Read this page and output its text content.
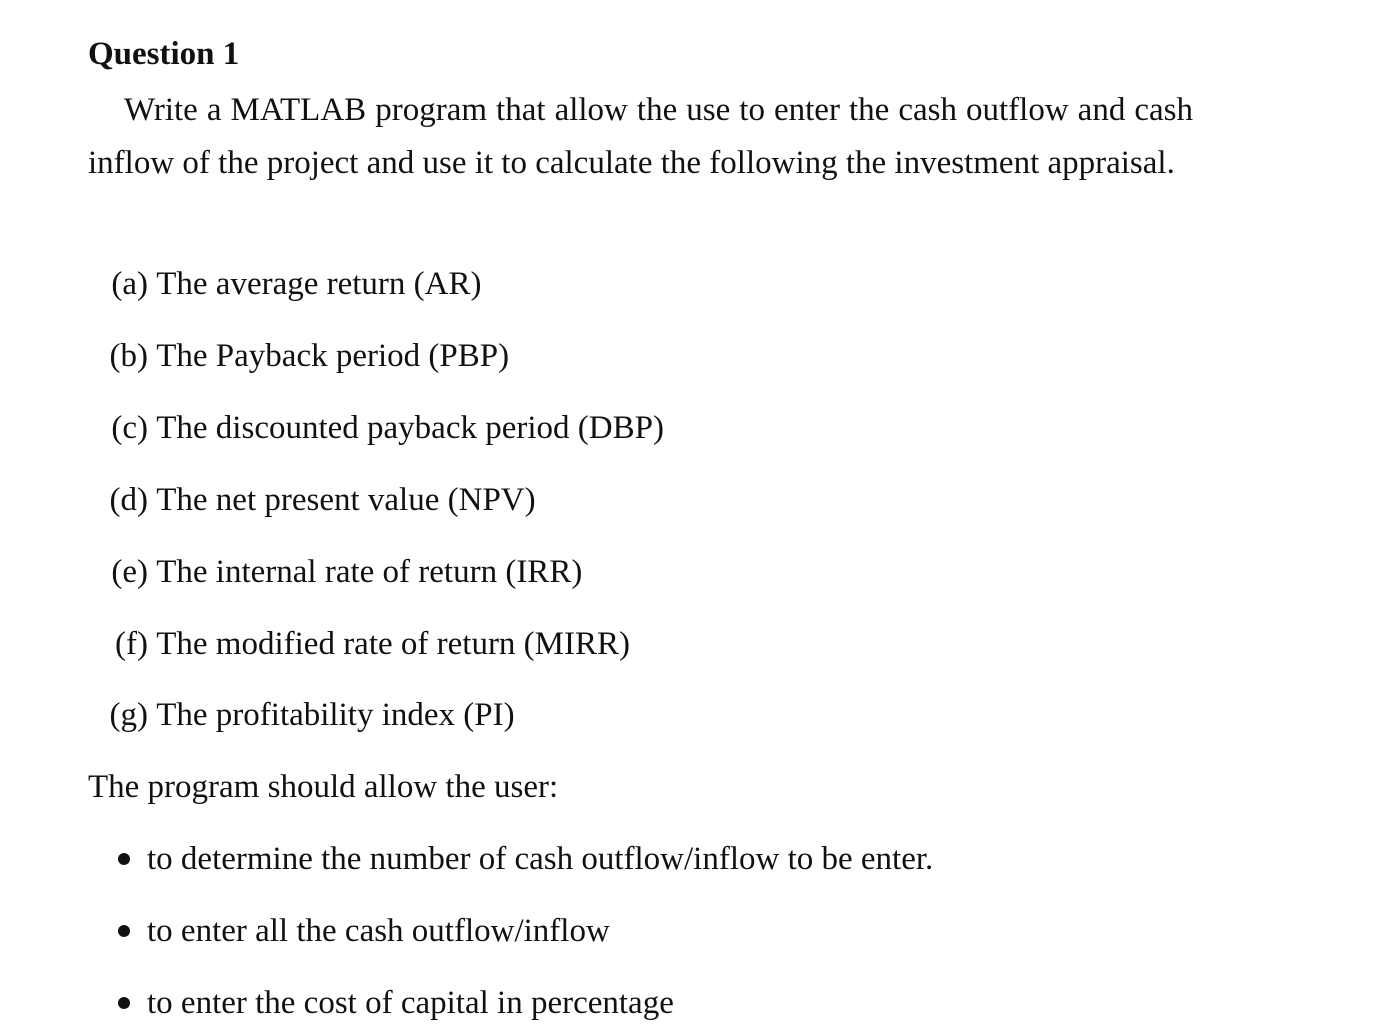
Question 1

Write a MATLAB program that allow the use to enter the cash outflow and cash inflow of the project and use it to calculate the following the investment appraisal.

(a) The average return (AR)
(b) The Payback period (PBP)
(c) The discounted payback period (DBP)
(d) The net present value (NPV)
(e) The internal rate of return (IRR)
(f) The modified rate of return (MIRR)
(g) The profitability index (PI)
The program should allow the user:
to determine the number of cash outflow/inflow to be enter.
to enter all the cash outflow/inflow
to enter the cost of capital in percentage
